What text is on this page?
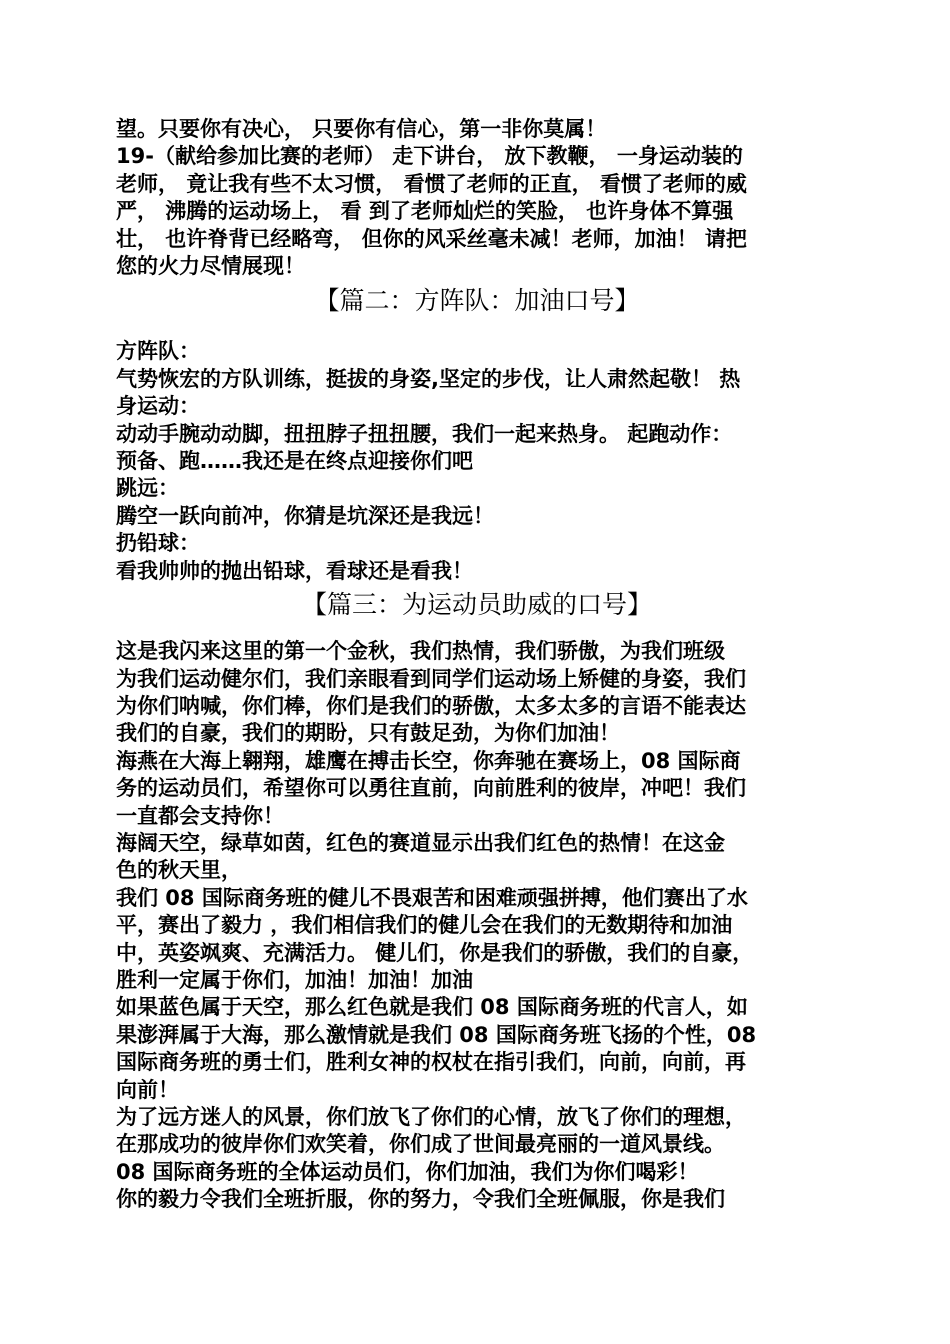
望。只要你有决心， 只要你有信心，第一非你莫属！

19-（献给参加比赛的老师） 走下讲台， 放下教鞭， 一身运动装的

老师， 竟让我有些不太习惯， 看惯了老师的正直， 看惯了老师的威

严， 沸腾的运动场上， 看 到了老师灿烂的笑脸， 也许身体不算强

壮， 也许脊背已经略弯， 但你的风采丝毫未减！老师，加油！ 请把

您的火力尽情展现！

【篇二：方阵队：加油口号】

方阵队：

气势恢宏的方队训练，挺拔的身姿,坚定的步伐，让人肃然起敬！ 热

身运动：

动动手腕动动脚，扭扭脖子扭扭腰，我们一起来热身。 起跑动作：

预备、跑……我还是在终点迎接你们吧

跳远：

腾空一跃向前冲，你猜是坑深还是我远！

扔铅球：

看我帅帅的抛出铅球，看球还是看我！

【篇三：为运动员助威的口号】

这是我闪来这里的第一个金秋，我们热情，我们骄傲，为我们班级

为我们运动健尔们，我们亲眼看到同学们运动场上矫健的身姿，我们

为你们呐喊，你们棒，你们是我们的骄傲，太多太多的言语不能表达

我们的自豪，我们的期盼，只有鼓足劲，为你们加油！

海燕在大海上翱翔，雄鹰在搏击长空，你奔驰在赛场上，08 国际商

务的运动员们，希望你可以勇往直前，向前胜利的彼岸，冲吧！我们

一直都会支持你！

海阔天空，绿草如茵，红色的赛道显示出我们红色的热情！在这金

色的秋天里，

我们 08 国际商务班的健儿不畏艰苦和困难顽强拼搏，他们赛出了水

平，赛出了毅力 ，我们相信我们的健儿会在我们的无数期待和加油

中，英姿飒爽、充满活力。 健儿们，你是我们的骄傲，我们的自豪，

胜利一定属于你们，加油！加油！加油

如果蓝色属于天空，那么红色就是我们 08 国际商务班的代言人，如

果澎湃属于大海，那么激情就是我们 08 国际商务班飞扬的个性，08

国际商务班的勇士们，胜利女神的权杖在指引我们，向前，向前，再

向前！

为了远方迷人的风景，你们放飞了你们的心情，放飞了你们的理想，

在那成功的彼岸你们欢笑着，你们成了世间最亮丽的一道风景线。

08 国际商务班的全体运动员们，你们加油，我们为你们喝彩！

你的毅力令我们全班折服，你的努力，令我们全班佩服，你是我们
